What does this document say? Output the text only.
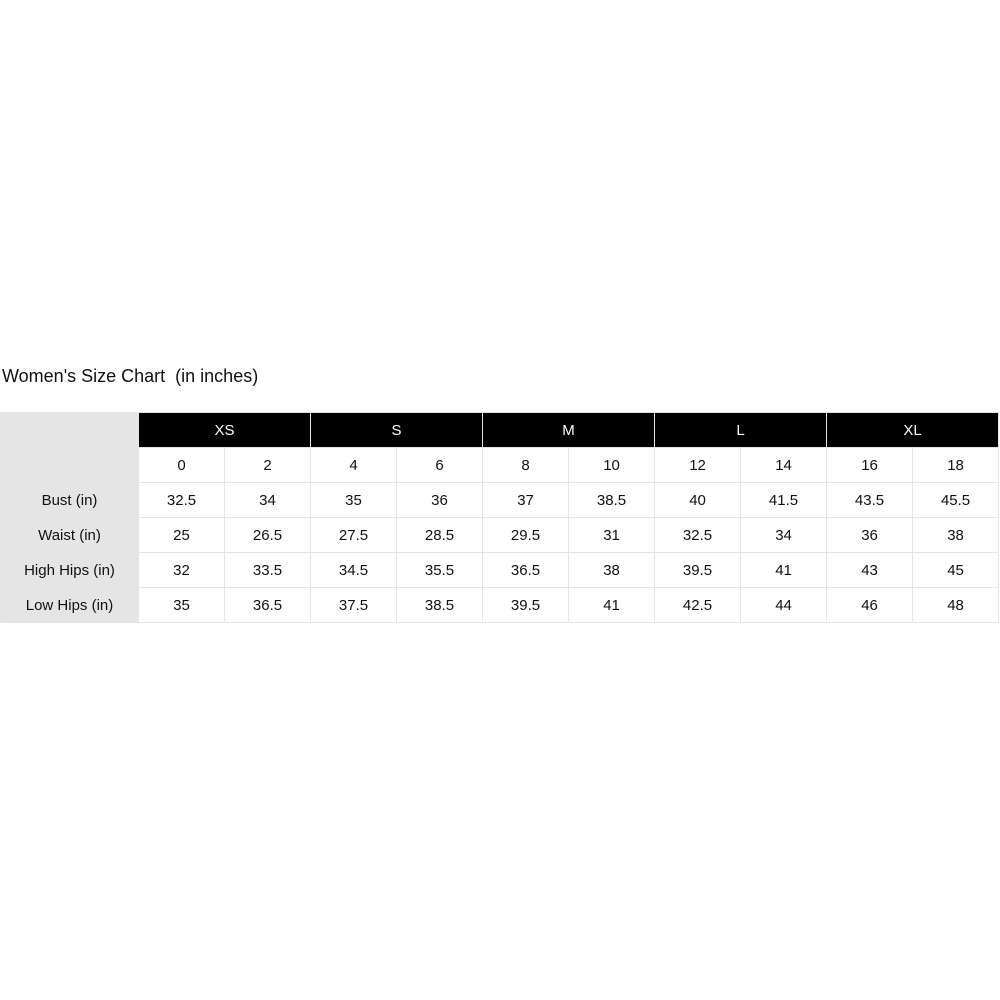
Women's Size Chart  (in inches)
	XS		S		M		L		XL	
	0	2	4	6	8	10	12	14	16	18
Bust (in)	32.5	34	35	36	37	38.5	40	41.5	43.5	45.5
Waist (in)	25	26.5	27.5	28.5	29.5	31	32.5	34	36	38
High Hips (in)	32	33.5	34.5	35.5	36.5	38	39.5	41	43	45
Low Hips (in)	35	36.5	37.5	38.5	39.5	41	42.5	44	46	48
